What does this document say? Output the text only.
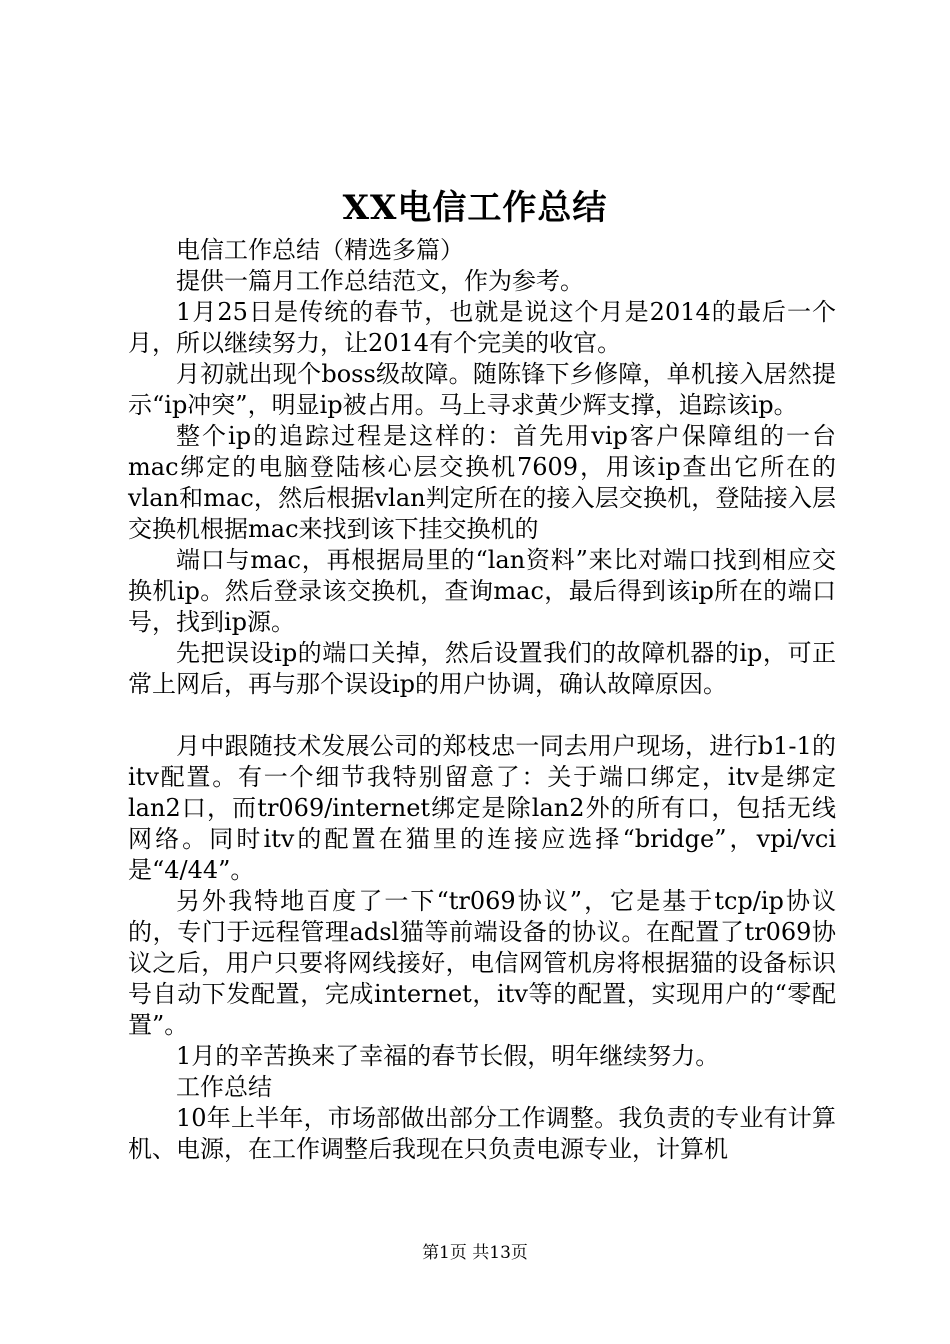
XX电信工作总结

电信工作总结（精选多篇）

提供一篇月工作总结范文，作为参考。

1月25日是传统的春节，也就是说这个月是2014的最后一个月，所以继续努力，让2014有个完美的收官。

月初就出现个boss级故障。随陈锋下乡修障，单机接入居然提示“ip冲突”，明显ip被占用。马上寻求黄少辉支撑，追踪该ip。

整个ip的追踪过程是这样的：首先用vip客户保障组的一台mac绑定的电脑登陆核心层交换机7609，用该ip查出它所在的vlan和mac，然后根据vlan判定所在的接入层交换机，登陆接入层交换机根据mac来找到该下挂交换机的

端口与mac，再根据局里的“lan资料”来比对端口找到相应交换机ip。然后登录该交换机，查询mac，最后得到该ip所在的端口号，找到ip源。

先把误设ip的端口关掉，然后设置我们的故障机器的ip，可正常上网后，再与那个误设ip的用户协调，确认故障原因。

月中跟随技术发展公司的郑枝忠一同去用户现场，进行b1-1的itv配置。有一个细节我特别留意了：关于端口绑定，itv是绑定lan2口，而tr069/internet绑定是除lan2外的所有口，包括无线网络。同时itv的配置在猫里的连接应选择“bridge”，vpi/vci是“4/44”。

另外我特地百度了一下“tr069协议”，它是基于tcp/ip协议的，专门于远程管理adsl猫等前端设备的协议。在配置了tr069协议之后，用户只要将网线接好，电信网管机房将根据猫的设备标识号自动下发配置，完成internet，itv等的配置，实现用户的“零配置”。

1月的辛苦换来了幸福的春节长假，明年继续努力。

工作总结

10年上半年，市场部做出部分工作调整。我负责的专业有计算机、电源，在工作调整后我现在只负责电源专业，计算机

第1页 共13页
